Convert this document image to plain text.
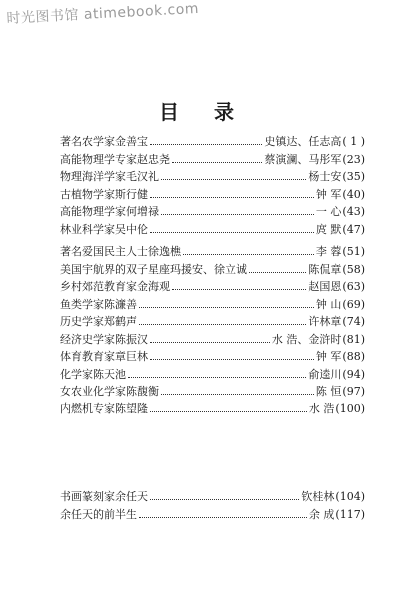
时光图书馆 atimebook.com
目 录
著名农学家金善宝	史镇达、任志高 ( 1 )
高能物理学专家赵忠尧	蔡演澜、马彤军 (23)
物理海洋学家毛汉礼	杨士安 (35)
古植物学家斯行健	钟 军 (40)
高能物理学家何增禄	一 心 (43)
林业科学家吴中伦	庹 默 (47)
著名爱国民主人士徐逸樵	李 蓉 (51)
美国宇航界的双子星座玛援安、徐立诚	陈侃章 (58)
乡村郊范教育家金海观	赵国恩 (63)
鱼类学家陈濓善	钟 山 (69)
历史学家郑鹤声	许林章 (74)
经济史学家陈振汉	水 浩、金浒时 (81)
体育教育家章巨林	钟 军 (88)
化学家陈天池	俞逵川 (94)
女农业化学家陈馥衡	陈 恒 (97)
内燃机专家陈望隆	水 浩 (100)
书画篆刻家余任天	钦桂林 (104)
余任天的前半生	余 成 (117)
